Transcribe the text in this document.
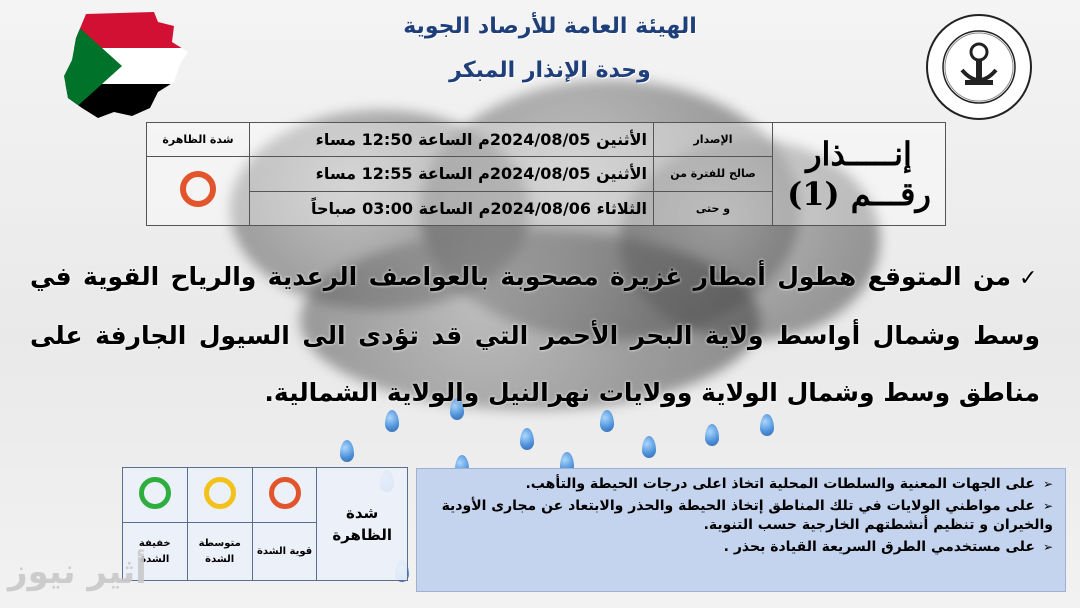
الهيئة العامة للأرصاد الجوية
وحدة الإنذار المبكر
إنـــــذار
رقـــم (1)	الإصدار	الأثنين 2024/08/05م الساعة 12:50 مساء	شدة الظاهرة
	صالح للفترة من	الأثنين 2024/08/05م الساعة 12:55 مساء	
	و حتى	الثلاثاء 2024/08/06م الساعة 03:00 صباحاً	
✓من المتوقع هطول أمطار غزيرة مصحوبة بالعواصف الرعدية والرياح القوية في وسط وشمال أواسط ولاية البحر الأحمر التي قد تؤدى الى السيول الجارفة على مناطق وسط وشمال الولاية وولايات نهرالنيل والولاية الشمالية.
شدة الظاهرة			
	قوية الشدة	متوسطة الشدة	خفيفة الشدة
➢على الجهات المعنية والسلطات المحلية اتخاذ اعلى درجات الحيطة والتأهب.
➢على مواطني الولايات في تلك المناطق إتخاذ الحيطة والحذر والابتعاد عن مجارى الأودية والخيران و تنظيم أنشطتهم الخارجية حسب التنوية.
➢على مستخدمي الطرق السريعة القيادة بحذر .
أثير نيوز
